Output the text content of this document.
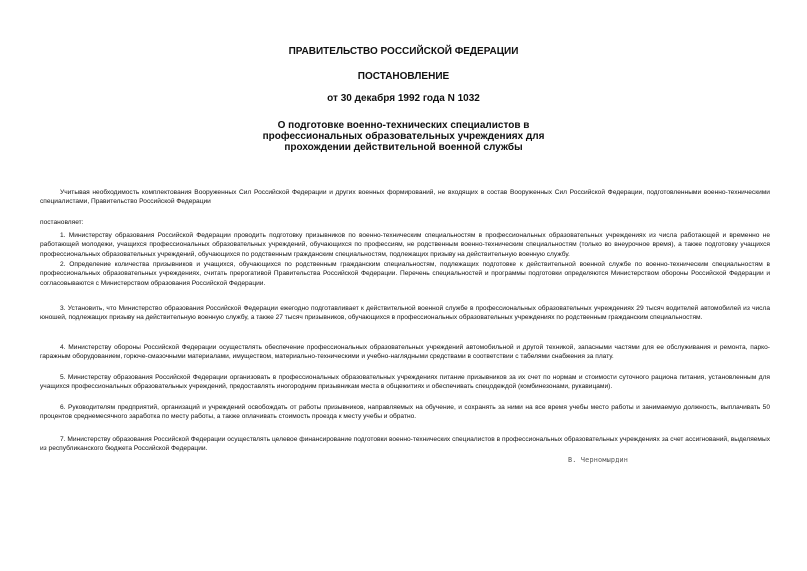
ПРАВИТЕЛЬСТВО РОССИЙСКОЙ ФЕДЕРАЦИИ
ПОСТАНОВЛЕНИЕ
от 30 декабря 1992 года N 1032
О подготовке военно-технических специалистов в
профессиональных образовательных учреждениях для
прохождении действительной военной службы

Учитывая необходимость комплектования Вооруженных Сил Российской Федерации и других военных формирований, не входящих в состав Вооруженных Сил Российской Федерации, подготовленными военно-техническими специалистами, Правительство Российской Федерации

постановляет:

1. Министерству образования Российской Федерации проводить подготовку призывников по военно-техническим специальностям в профессиональных образовательных учреждениях из числа работающей и временно не работающей молодежи, учащихся профессиональных образовательных учреждений, обучающихся по профессиям, не родственным военно-техническим специальностям (только во внеурочное время), а также подготовку учащихся профессиональных образовательных учреждений, обучающихся по родственным гражданским специальностям, подлежащих призыву на действительную военную службу.

2. Определение количества призывников и учащихся, обучающихся по родственным гражданским специальностям, подлежащих подготовке к действительной военной службе по военно-техническим специальностям в профессиональных образовательных учреждениях, считать прерогативой Правительства Российской Федерации. Перечень специальностей и программы подготовки определяются Министерством обороны Российской Федерации и согласовываются с Министерством образования Российской Федерации.

3. Установить, что Министерство образования Российской Федерации ежегодно подготавливает к действительной военной службе в профессиональных образовательных учреждениях 29 тысяч водителей автомобилей из числа юношей, подлежащих призыву на действительную военную службу, а также 27 тысяч призывников, обучающихся в профессиональных образовательных учреждениях по родственным гражданским специальностям.

4. Министерству обороны Российской Федерации осуществлять обеспечение профессиональных образовательных учреждений автомобильной и другой техникой, запасными частями для ее обслуживания и ремонта, парко-гаражным оборудованием, горюче-смазочными материалами, имуществом, материально-техническими и учебно-наглядными средствами в соответствии с табелями снабжения за плату.

5. Министерству образования Российской Федерации организовать в профессиональных образовательных учреждениях питание призывников за их счет по нормам и стоимости суточного рациона питания, установленным для учащихся профессиональных образовательных учреждений, предоставлять иногородним призывникам места в общежитиях и обеспечивать спецодеждой (комбинезонами, рукавицами).

6. Руководителям предприятий, организаций и учреждений освобождать от работы призывников, направляемых на обучение, и сохранять за ними на все время учебы место работы и занимаемую должность, выплачивать 50 процентов среднемесячного заработка по месту работы, а также оплачивать стоимость проезда к месту учебы и обратно.

7. Министерству образования Российской Федерации осуществлять целевое финансирование подготовки военно-технических специалистов в профессиональных образовательных учреждениях за счет ассигнований, выделяемых из республиканского бюджета Российской Федерации.

В. Черномырдин
